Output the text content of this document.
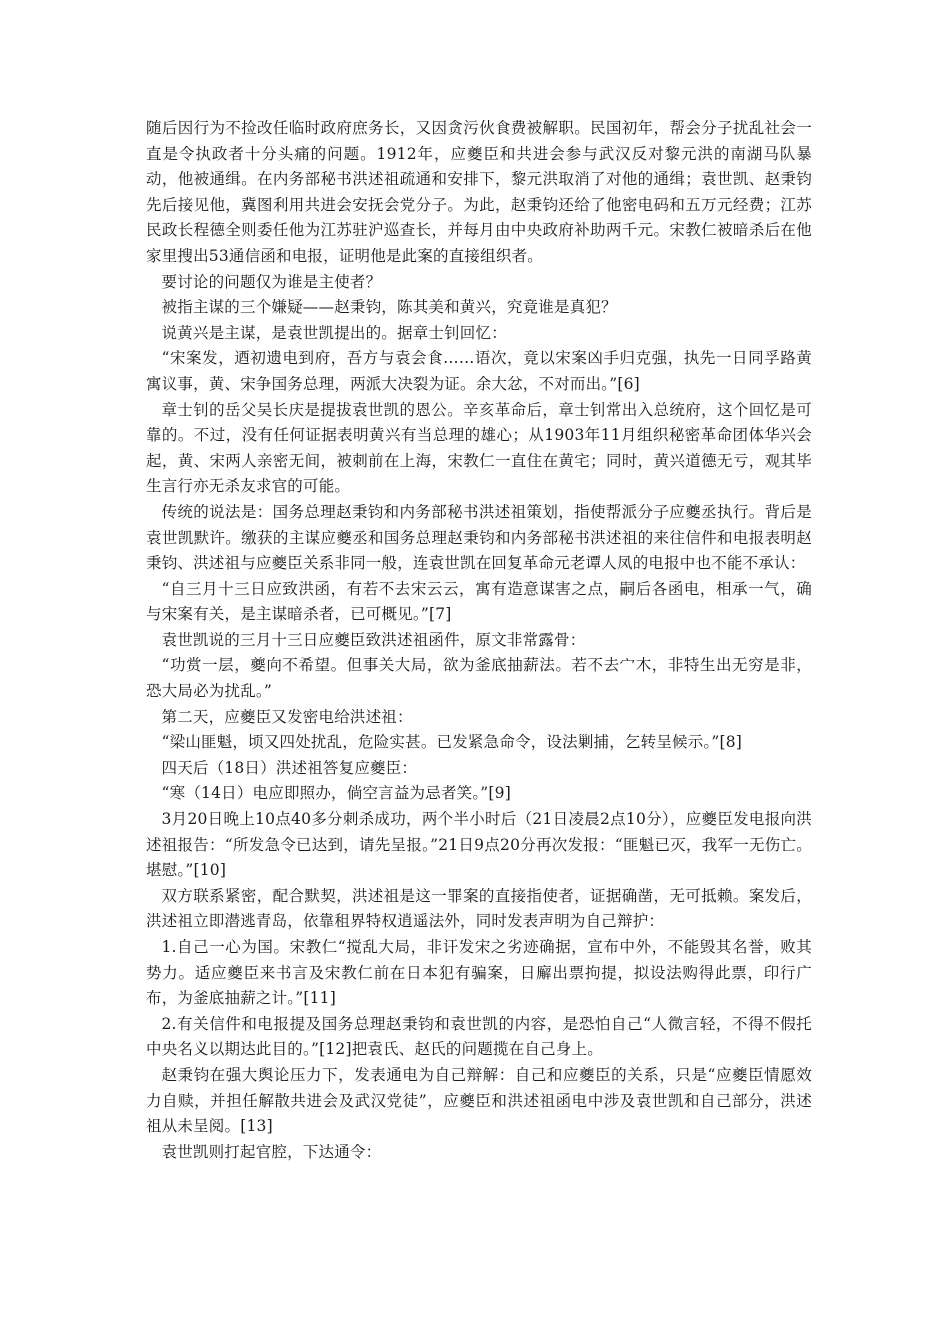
随后因行为不捡改任临时政府庶务长，又因贪污伙食费被解职。民国初年，帮会分子扰乱社会一直是令执政者十分头痛的问题。1912年，应夔臣和共进会参与武汉反对黎元洪的南湖马队暴动，他被通缉。在内务部秘书洪述祖疏通和安排下，黎元洪取消了对他的通缉；袁世凯、赵秉钧先后接见他，冀图利用共进会安抚会党分子。为此，赵秉钧还给了他密电码和五万元经费；江苏民政长程德全则委任他为江苏驻沪巡查长，并每月由中央政府补助两千元。宋教仁被暗杀后在他家里搜出53通信函和电报，证明他是此案的直接组织者。

要讨论的问题仅为谁是主使者？

被指主谋的三个嫌疑——赵秉钧，陈其美和黄兴，究竟谁是真犯？

说黄兴是主谋，是袁世凯提出的。据章士钊回忆：

“宋案发，迺初遗电到府，吾方与袁会食……语次，竟以宋案凶手归克强，执先一日同孚路黄寓议事，黄、宋争国务总理，两派大决裂为证。余大忿，不对而出。”[6]

章士钊的岳父吴长庆是提拔袁世凯的恩公。辛亥革命后，章士钊常出入总统府，这个回忆是可靠的。不过，没有任何证据表明黄兴有当总理的雄心；从1903年11月组织秘密革命团体华兴会起，黄、宋两人亲密无间，被刺前在上海，宋教仁一直住在黄宅；同时，黄兴道德无亏，观其毕生言行亦无杀友求官的可能。

传统的说法是：国务总理赵秉钧和内务部秘书洪述祖策划，指使帮派分子应夔丞执行。背后是袁世凯默许。缴获的主谋应夔丞和国务总理赵秉钧和内务部秘书洪述祖的来往信件和电报表明赵秉钧、洪述祖与应夔臣关系非同一般，连袁世凯在回复革命元老谭人凤的电报中也不能不承认：

“自三月十三日应致洪函，有若不去宋云云，寓有造意谋害之点，嗣后各函电，相承一气，确与宋案有关，是主谋暗杀者，已可概见。”[7]

袁世凯说的三月十三日应夔臣致洪述祖函件，原文非常露骨：

“功赏一层，夔向不希望。但事关大局，欲为釜底抽薪法。若不去宀木，非特生出无穷是非，恐大局必为扰乱。”

第二天，应夔臣又发密电给洪述祖：

“梁山匪魁，顷又四处扰乱，危险实甚。已发紧急命令，设法剿捕，乞转呈候示。”[8]

四天后（18日）洪述祖答复应夔臣：

“寒（14日）电应即照办，倘空言益为忌者笑。”[9]

3月20日晚上10点40多分刺杀成功，两个半小时后（21日凌晨2点10分），应夔臣发电报向洪述祖报告：“所发急令已达到，请先呈报。”21日9点20分再次发报：“匪魁已灭，我军一无伤亡。堪慰。”[10]

双方联系紧密，配合默契，洪述祖是这一罪案的直接指使者，证据确凿，无可抵赖。案发后，洪述祖立即潜逃青岛，依靠租界特权逍遥法外，同时发表声明为自己辩护：

1.自己一心为国。宋教仁“搅乱大局，非讦发宋之劣迹确据，宣布中外，不能毁其名誉，败其势力。适应夔臣来书言及宋教仁前在日本犯有骗案，日廨出票拘提，拟设法购得此票，印行广布，为釜底抽薪之计。”[11]

2.有关信件和电报提及国务总理赵秉钧和袁世凯的内容，是恐怕自己“人微言轻，不得不假托中央名义以期达此目的。”[12]把袁氏、赵氏的问题揽在自己身上。

赵秉钧在强大舆论压力下，发表通电为自己辩解：自己和应夔臣的关系，只是“应夔臣情愿效力自赎，并担任解散共进会及武汉党徒”，应夔臣和洪述祖函电中涉及袁世凯和自己部分，洪述祖从未呈阅。[13]

袁世凯则打起官腔，下达通令：
